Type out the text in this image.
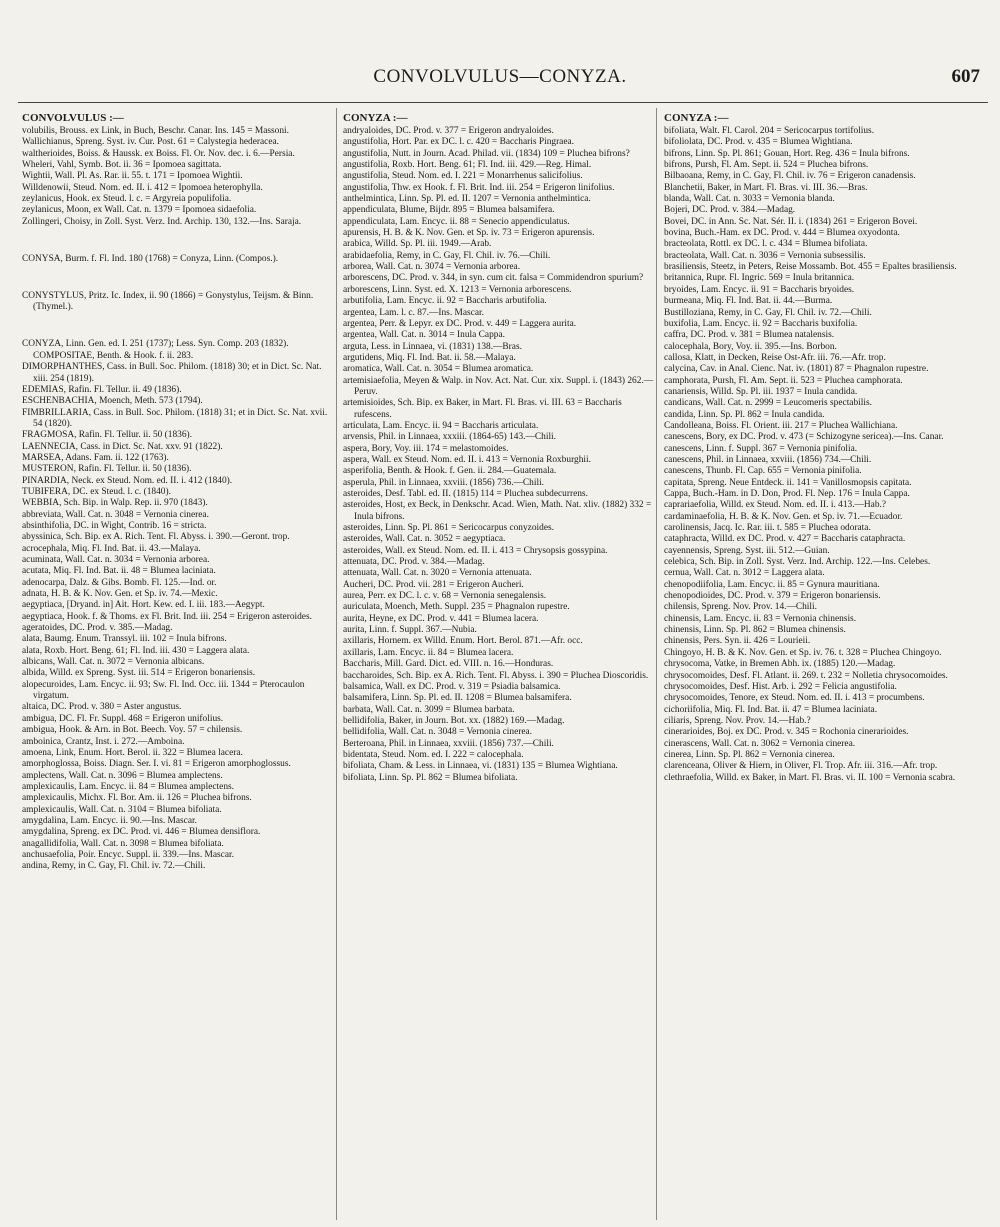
CONVOLVULUS—CONYZA.	607
CONVOLVULUS :—

volubilis, Brouss. ex Link, in Buch, Beschr. Canar. Ins. 145 = Massoni.

Wallichianus, Spreng. Syst. iv. Cur. Post. 61 = Calystegia hederacea.

waltherioides, Boiss. & Haussk. ex Boiss. Fl. Or. Nov. dec. i. 6.—Persia.

Wheleri, Vahl, Symb. Bot. ii. 36 = Ipomoea sagittata.

Wightii, Wall. Pl. As. Rar. ii. 55. t. 171 = Ipomoea Wightii.

Willdenowii, Steud. Nom. ed. II. i. 412 = Ipomoea heterophylla.

zeylanicus, Hook. ex Steud. l. c. = Argyreia populifolia.

zeylanicus, Moon, ex Wall. Cat. n. 1379 = Ipomoea sidaefolia.

Zollingeri, Choisy, in Zoll. Syst. Verz. Ind. Archip. 130, 132.—Ins. Saraja.

CONYSA, Burm. f. Fl. Ind. 180 (1768) = Conyza, Linn. (Compos.).

CONYSTYLUS, Pritz. Ic. Index, ii. 90 (1866) = Gonystylus, Teijsm. & Binn. (Thymel.).

CONYZA, Linn. Gen. ed. I. 251 (1737); Less. Syn. Comp. 203 (1832). COMPOSITAE, Benth. & Hook. f. ii. 283.

DIMORPHANTHES, Cass. in Bull. Soc. Philom. (1818) 30; et in Dict. Sc. Nat. xiii. 254 (1819).

EDEMIAS, Rafin. Fl. Tellur. ii. 49 (1836).

ESCHENBACHIA, Moench, Meth. 573 (1794).

FIMBRILLARIA, Cass. in Bull. Soc. Philom. (1818) 31; et in Dict. Sc. Nat. xvii. 54 (1820).

FRAGMOSA, Rafin. Fl. Tellur. ii. 50 (1836).

LAENNECIA, Cass. in Dict. Sc. Nat. xxv. 91 (1822).

MARSEA, Adans. Fam. ii. 122 (1763).

MUSTERON, Rafin. Fl. Tellur. ii. 50 (1836).

PINARDIA, Neck. ex Steud. Nom. ed. II. i. 412 (1840).

TUBIFERA, DC. ex Steud. l. c. (1840).

WEBBIA, Sch. Bip. in Walp. Rep. ii. 970 (1843).

abbreviata, Wall. Cat. n. 3048 = Vernonia cinerea.

absinthifolia, DC. in Wight, Contrib. 16 = stricta.

abyssinica, Sch. Bip. ex A. Rich. Tent. Fl. Abyss. i. 390.—Geront. trop.

acrocephala, Miq. Fl. Ind. Bat. ii. 43.—Malaya.

acuminata, Wall. Cat. n. 3034 = Vernonia arborea.

acutata, Miq. Fl. Ind. Bat. ii. 48 = Blumea laciniata.

adenocarpa, Dalz. & Gibs. Bomb. Fl. 125.—Ind. or.

adnata, H. B. & K. Nov. Gen. et Sp. iv. 74.—Mexic.

aegyptiaca, [Dryand. in] Ait. Hort. Kew. ed. I. iii. 183.—Aegypt.

aegyptiaca, Hook. f. & Thoms. ex Fl. Brit. Ind. iii. 254 = Erigeron asteroides.

ageratoides, DC. Prod. v. 385.—Madag.

alata, Baumg. Enum. Transsyl. iii. 102 = Inula bifrons.

alata, Roxb. Hort. Beng. 61; Fl. Ind. iii. 430 = Laggera alata.

albicans, Wall. Cat. n. 3072 = Vernonia albicans.

albida, Willd. ex Spreng. Syst. iii. 514 = Erigeron bonariensis.

alopecuroides, Lam. Encyc. ii. 93; Sw. Fl. Ind. Occ. iii. 1344 = Pterocaulon virgatum.

altaica, DC. Prod. v. 380 = Aster angustus.

ambigua, DC. Fl. Fr. Suppl. 468 = Erigeron unifolius.

ambigua, Hook. & Arn. in Bot. Beech. Voy. 57 = chilensis.

amboinica, Crantz, Inst. i. 272.—Amboina.

amoena, Link, Enum. Hort. Berol. ii. 322 = Blumea lacera.

amorphoglossa, Boiss. Diagn. Ser. I. vi. 81 = Erigeron amorphoglossus.

amplectens, Wall. Cat. n. 3096 = Blumea amplectens.

amplexicaulis, Lam. Encyc. ii. 84 = Blumea amplectens.

amplexicaulis, Michx. Fl. Bor. Am. ii. 126 = Pluchea bifrons.

amplexicaulis, Wall. Cat. n. 3104 = Blumea bifoliata.

amygdalina, Lam. Encyc. ii. 90.—Ins. Mascar.

amygdalina, Spreng. ex DC. Prod. vi. 446 = Blumea densiflora.

anagallidifolia, Wall. Cat. n. 3098 = Blumea bifoliata.

anchusaefolia, Poir. Encyc. Suppl. ii. 339.—Ins. Mascar.

andina, Remy, in C. Gay, Fl. Chil. iv. 72.—Chili.

CONYZA :—

andryaloides, DC. Prod. v. 377 = Erigeron andryaloides.

angustifolia, Hort. Par. ex DC. l. c. 420 = Baccharis Pingraea.

angustifolia, Nutt. in Journ. Acad. Philad. vii. (1834) 109 = Pluchea bifrons?

angustifolia, Roxb. Hort. Beng. 61; Fl. Ind. iii. 429.—Reg. Himal.

angustifolia, Steud. Nom. ed. I. 221 = Monarrhenus salicifolius.

angustifolia, Thw. ex Hook. f. Fl. Brit. Ind. iii. 254 = Erigeron linifolius.

anthelmintica, Linn. Sp. Pl. ed. II. 1207 = Vernonia anthelmintica.

appendiculata, Blume, Bijdr. 895 = Blumea balsamifera.

appendiculata, Lam. Encyc. ii. 88 = Senecio appendiculatus.

apurensis, H. B. & K. Nov. Gen. et Sp. iv. 73 = Erigeron apurensis.

arabica, Willd. Sp. Pl. iii. 1949.—Arab.

arabidaefolia, Remy, in C. Gay, Fl. Chil. iv. 76.—Chili.

arborea, Wall. Cat. n. 3074 = Vernonia arborea.

arborescens, DC. Prod. v. 344, in syn. cum cit. falsa = Commidendron spurium?

arborescens, Linn. Syst. ed. X. 1213 = Vernonia arborescens.

arbutifolia, Lam. Encyc. ii. 92 = Baccharis arbutifolia.

argentea, Lam. l. c. 87.—Ins. Mascar.

argentea, Perr. & Lepyr. ex DC. Prod. v. 449 = Laggera aurita.

argentea, Wall. Cat. n. 3014 = Inula Cappa.

arguta, Less. in Linnaea, vi. (1831) 138.—Bras.

argutidens, Miq. Fl. Ind. Bat. ii. 58.—Malaya.

aromatica, Wall. Cat. n. 3054 = Blumea aromatica.

artemisiaefolia, Meyen & Walp. in Nov. Act. Nat. Cur. xix. Suppl. i. (1843) 262.—Peruv.

artemisioides, Sch. Bip. ex Baker, in Mart. Fl. Bras. vi. III. 63 = Baccharis rufescens.

articulata, Lam. Encyc. ii. 94 = Baccharis articulata.

arvensis, Phil. in Linnaea, xxxiii. (1864-65) 143.—Chili.

aspera, Bory, Voy. iii. 174 = melastomoides.

aspera, Wall. ex Steud. Nom. ed. II. i. 413 = Vernonia Roxburghii.

asperifolia, Benth. & Hook. f. Gen. ii. 284.—Guatemala.

asperula, Phil. in Linnaea, xxviii. (1856) 736.—Chili.

asteroides, Desf. Tabl. ed. II. (1815) 114 = Pluchea subdecurrens.

asteroides, Host, ex Beck, in Denkschr. Acad. Wien, Math. Nat. xliv. (1882) 332 = Inula bifrons.

asteroides, Linn. Sp. Pl. 861 = Sericocarpus conyzoides.

asteroides, Wall. Cat. n. 3052 = aegyptiaca.

asteroides, Wall. ex Steud. Nom. ed. II. i. 413 = Chrysopsis gossypina.

attenuata, DC. Prod. v. 384.—Madag.

attenuata, Wall. Cat. n. 3020 = Vernonia attenuata.

Aucheri, DC. Prod. vii. 281 = Erigeron Aucheri.

aurea, Perr. ex DC. l. c. v. 68 = Vernonia senegalensis.

auriculata, Moench, Meth. Suppl. 235 = Phagnalon rupestre.

aurita, Heyne, ex DC. Prod. v. 441 = Blumea lacera.

aurita, Linn. f. Suppl. 367.—Nubia.

axillaris, Hornem. ex Willd. Enum. Hort. Berol. 871.—Afr. occ.

axillaris, Lam. Encyc. ii. 84 = Blumea lacera.

Baccharis, Mill. Gard. Dict. ed. VIII. n. 16.—Honduras.

baccharoides, Sch. Bip. ex A. Rich. Tent. Fl. Abyss. i. 390 = Pluchea Dioscoridis.

balsamica, Wall. ex DC. Prod. v. 319 = Psiadia balsamica.

balsamifera, Linn. Sp. Pl. ed. II. 1208 = Blumea balsamifera.

barbata, Wall. Cat. n. 3099 = Blumea barbata.

bellidifolia, Baker, in Journ. Bot. xx. (1882) 169.—Madag.

bellidifolia, Wall. Cat. n. 3048 = Vernonia cinerea.

Berteroana, Phil. in Linnaea, xxviii. (1856) 737.—Chili.

bidentata, Steud. Nom. ed. I. 222 = calocephala.

bifoliata, Cham. & Less. in Linnaea, vi. (1831) 135 = Blumea Wightiana.

bifoliata, Linn. Sp. Pl. 862 = Blumea bifoliata.

CONYZA :—

bifoliata, Walt. Fl. Carol. 204 = Sericocarpus tortifolius.

bifoliolata, DC. Prod. v. 435 = Blumea Wightiana.

bifrons, Linn. Sp. Pl. 861; Gouan, Hort. Reg. 436 = Inula bifrons.

bifrons, Pursh, Fl. Am. Sept. ii. 524 = Pluchea bifrons.

Bilbaoana, Remy, in C. Gay, Fl. Chil. iv. 76 = Erigeron canadensis.

Blanchetii, Baker, in Mart. Fl. Bras. vi. III. 36.—Bras.

blanda, Wall. Cat. n. 3033 = Vernonia blanda.

Bojeri, DC. Prod. v. 384.—Madag.

Bovei, DC. in Ann. Sc. Nat. Sér. II. i. (1834) 261 = Erigeron Bovei.

bovina, Buch.-Ham. ex DC. Prod. v. 444 = Blumea oxyodonta.

bracteolata, Rottl. ex DC. l. c. 434 = Blumea bifoliata.

bracteolata, Wall. Cat. n. 3036 = Vernonia subsessilis.

brasiliensis, Steetz, in Peters, Reise Mossamb. Bot. 455 = Epaltes brasiliensis.

britannica, Rupr. Fl. Ingric. 569 = Inula britannica.

bryoides, Lam. Encyc. ii. 91 = Baccharis bryoides.

burmeana, Miq. Fl. Ind. Bat. ii. 44.—Burma.

Bustilloziana, Remy, in C. Gay, Fl. Chil. iv. 72.—Chili.

buxifolia, Lam. Encyc. ii. 92 = Baccharis buxifolia.

caffra, DC. Prod. v. 381 = Blumea natalensis.

calocephala, Bory, Voy. ii. 395.—Ins. Borbon.

callosa, Klatt, in Decken, Reise Ost-Afr. iii. 76.—Afr. trop.

calycina, Cav. in Anal. Cienc. Nat. iv. (1801) 87 = Phagnalon rupestre.

camphorata, Pursh, Fl. Am. Sept. ii. 523 = Pluchea camphorata.

canariensis, Willd. Sp. Pl. iii. 1937 = Inula candida.

candicans, Wall. Cat. n. 2999 = Leucomeris spectabilis.

candida, Linn. Sp. Pl. 862 = Inula candida.

Candolleana, Boiss. Fl. Orient. iii. 217 = Pluchea Wallichiana.

canescens, Bory, ex DC. Prod. v. 473 (= Schizogyne sericea).—Ins. Canar.

canescens, Linn. f. Suppl. 367 = Vernonia pinifolia.

canescens, Phil. in Linnaea, xxviii. (1856) 734.—Chili.

canescens, Thunb. Fl. Cap. 655 = Vernonia pinifolia.

capitata, Spreng. Neue Entdeck. ii. 141 = Vanillosmopsis capitata.

Cappa, Buch.-Ham. in D. Don, Prod. Fl. Nep. 176 = Inula Cappa.

caprariaefolia, Willd. ex Steud. Nom. ed. II. i. 413.—Hab.?

cardaminaefolia, H. B. & K. Nov. Gen. et Sp. iv. 71.—Ecuador.

carolinensis, Jacq. Ic. Rar. iii. t. 585 = Pluchea odorata.

cataphracta, Willd. ex DC. Prod. v. 427 = Baccharis cataphracta.

cayennensis, Spreng. Syst. iii. 512.—Guian.

celebica, Sch. Bip. in Zoll. Syst. Verz. Ind. Archip. 122.—Ins. Celebes.

cernua, Wall. Cat. n. 3012 = Laggera alata.

chenopodiifolia, Lam. Encyc. ii. 85 = Gynura mauritiana.

chenopodioides, DC. Prod. v. 379 = Erigeron bonariensis.

chilensis, Spreng. Nov. Prov. 14.—Chili.

chinensis, Lam. Encyc. ii. 83 = Vernonia chinensis.

chinensis, Linn. Sp. Pl. 862 = Blumea chinensis.

chinensis, Pers. Syn. ii. 426 = Lourieii.

Chingoyo, H. B. & K. Nov. Gen. et Sp. iv. 76. t. 328 = Pluchea Chingoyo.

chrysocoma, Vatke, in Bremen Abh. ix. (1885) 120.—Madag.

chrysocomoides, Desf. Fl. Atlant. ii. 269. t. 232 = Nolletia chrysocomoides.

chrysocomoides, Desf. Hist. Arb. i. 292 = Felicia angustifolia.

chrysocomoides, Tenore, ex Steud. Nom. ed. II. i. 413 = procumbens.

cichoriifolia, Miq. Fl. Ind. Bat. ii. 47 = Blumea laciniata.

ciliaris, Spreng. Nov. Prov. 14.—Hab.?

cinerarioides, Boj. ex DC. Prod. v. 345 = Rochonia cinerarioides.

cinerascens, Wall. Cat. n. 3062 = Vernonia cinerea.

cinerea, Linn. Sp. Pl. 862 = Vernonia cinerea.

clarenceana, Oliver & Hiern, in Oliver, Fl. Trop. Afr. iii. 316.—Afr. trop.

clethraefolia, Willd. ex Baker, in Mart. Fl. Bras. vi. II. 100 = Vernonia scabra.
